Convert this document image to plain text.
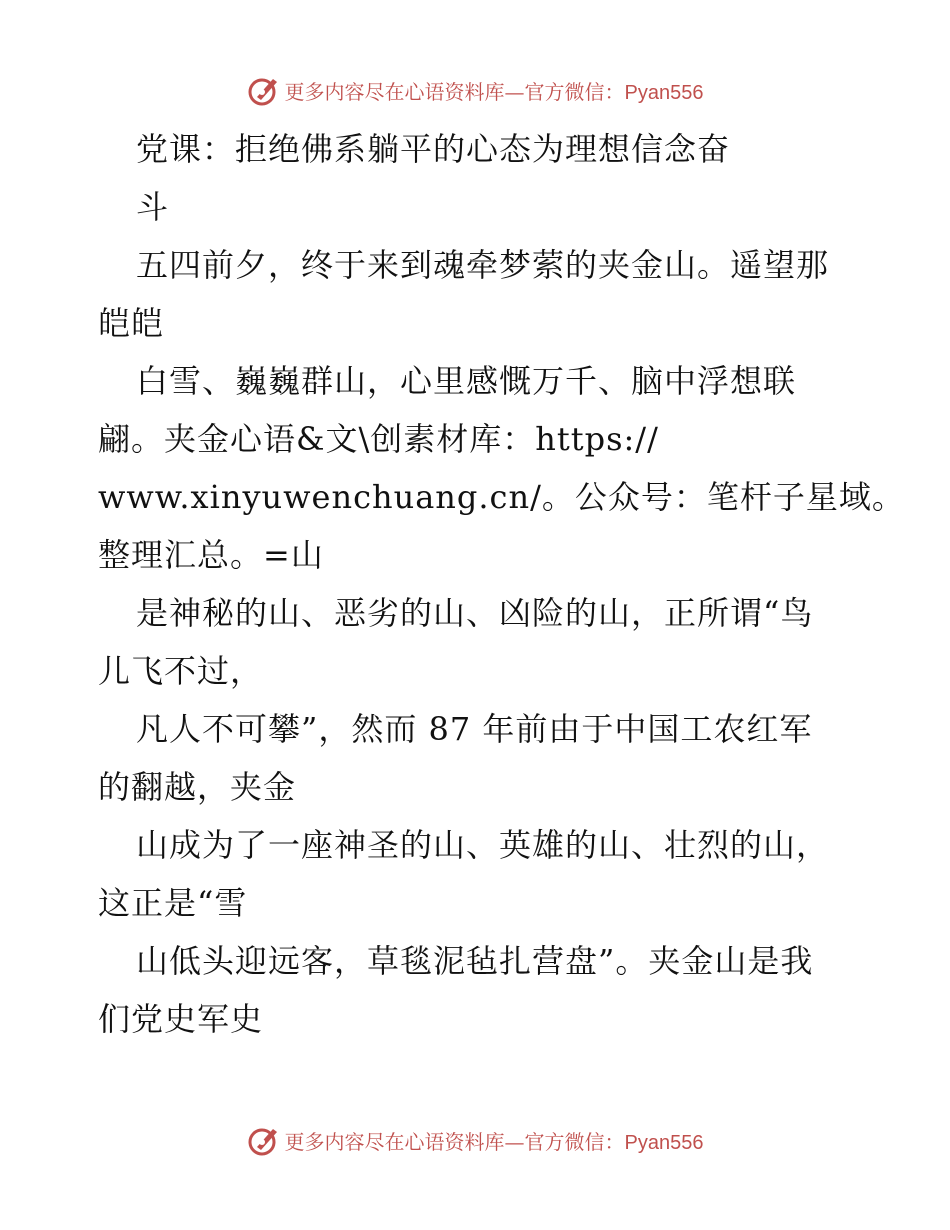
更多内容尽在心语资料库—官方微信：Pyan556
党课：拒绝佛系躺平的心态为理想信念奋
斗
五四前夕，终于来到魂牵梦萦的夹金山。遥望那
皑皑
白雪、巍巍群山，心里感慨万千、脑中浮想联
翩。夹金心语&文\创素材库：https://
www.xinyuwenchuang.cn/。公众号：笔杆子星域。
整理汇总。=山
是神秘的山、恶劣的山、凶险的山，正所谓“鸟
儿飞不过，
凡人不可攀”，然而 87 年前由于中国工农红军
的翻越，夹金
山成为了一座神圣的山、英雄的山、壮烈的山，
这正是“雪
山低头迎远客，草毯泥毡扎营盘”。夹金山是我
们党史军史
更多内容尽在心语资料库—官方微信：Pyan556
